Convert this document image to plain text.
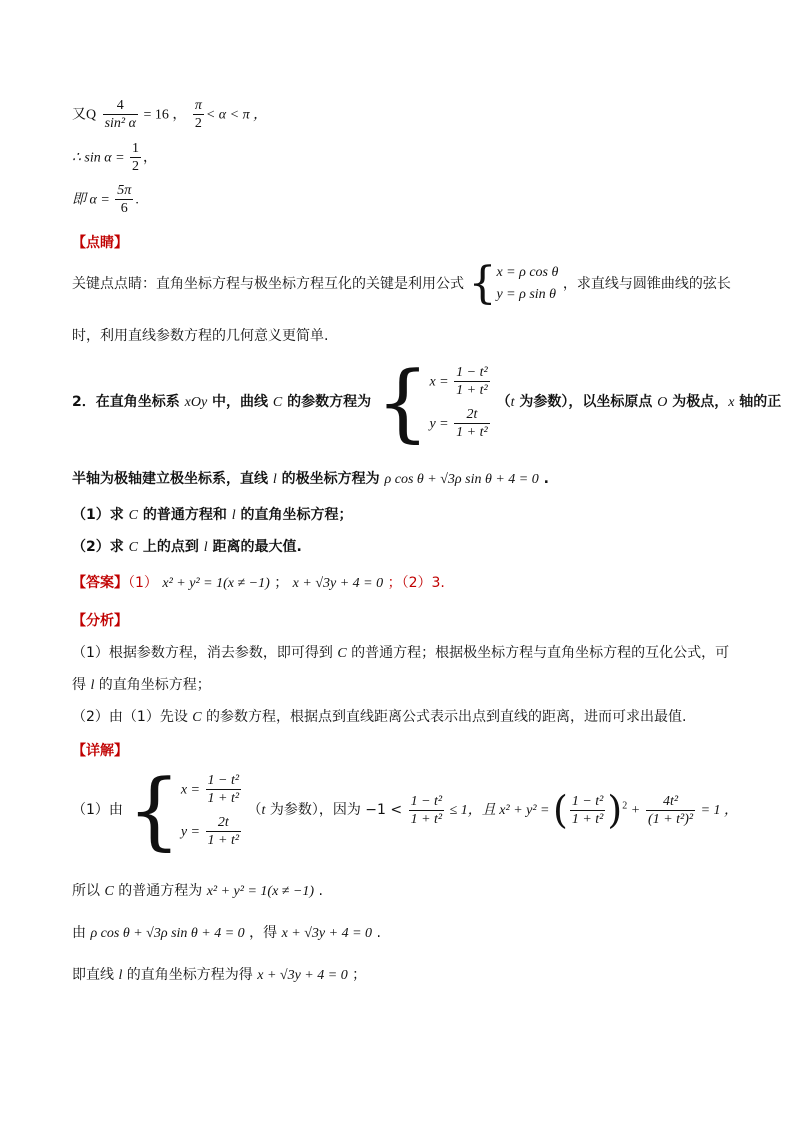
又Q $\frac{4}{\text{sin² α}} = 16$ ， $\frac{\pi}{2} < \alpha < \pi$ ，
∴ $\sin \alpha = \frac{1}{2}$ ，
即 $\alpha = \frac{5\pi}{6}$ .
【点睛】
关键点点睛：直角坐标方程与极坐标方程互化的关键是利用公式 { x = ρ cos θ
y = ρ sin θ
，求直线与圆锥曲线的弦长
时，利用直线参数方程的几何意义更简单.
2．在直角坐标系 xOy 中，曲线 C 的参数方程为 { $x = \frac{\text{1 − t²}}{\text{1 + t²}}$
$y = \frac{2t}{\text{1 + t²}}$
（t 为参数），以坐标原点 O 为极点，x 轴的正
半轴为极轴建立极坐标系，直线 l 的极坐标方程为 ρ cos θ + √3ρ sin θ + 4 = 0 .
（1）求 C 的普通方程和 l 的直角坐标方程；
（2）求 C 上的点到 l 距离的最大值.
【答案】（1） x² + y² = 1(x ≠ −1) ； x + √3y + 4 = 0 ；（2）3.
【分析】
（1）根据参数方程，消去参数，即可得到 C 的普通方程；根据极坐标方程与直角坐标方程的互化公式，可
得 l 的直角坐标方程；
（2）由（1）先设 C 的参数方程，根据点到直线距离公式表示出点到直线的距离，进而可求出最值.
【详解】
（1）由 { $x = \frac{\text{1 − t²}}{\text{1 + t²}}$
$y = \frac{2t}{\text{1 + t²}}$
（t 为参数），因为 $-1 < \frac{\text{1 − t²}}{\text{1 + t²}} \le 1$，且 x² + y² = ( $\frac{\text{1 − t²}}{\text{1 + t²}} )^2 + \frac{\text{4t²}}{\text{(1 + t²)²}} = 1$ ，
所以 C 的普通方程为 x² + y² = 1(x ≠ −1) .
由 ρ cos θ + √3ρ sin θ + 4 = 0 ，得 x + √3y + 4 = 0 .
即直线 l 的直角坐标方程为得 x + √3y + 4 = 0 ；
